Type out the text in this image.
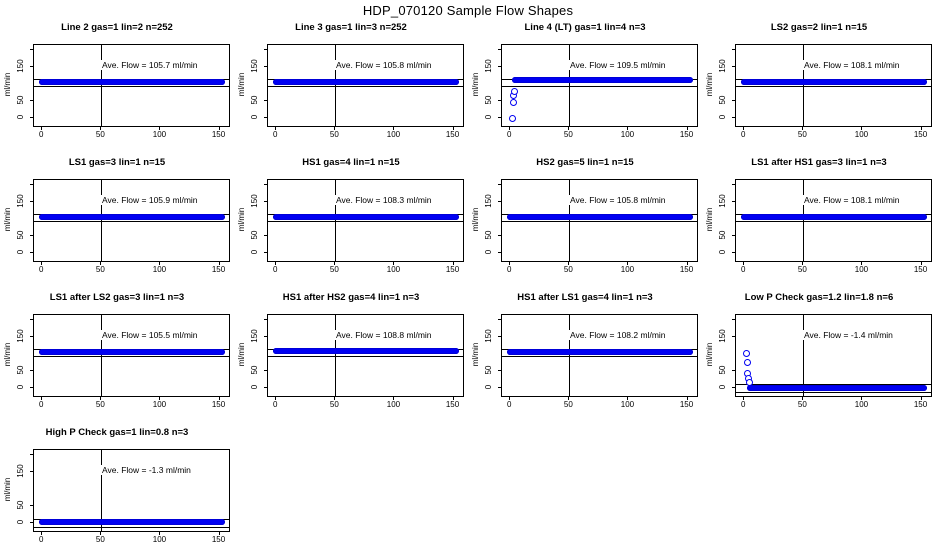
HDP_070120 Sample Flow Shapes
Line 2 gas=1 lin=2 n=252
ml/min
0
50
150
0	50	100	150
Ave. Flow = 105.7 ml/min
Line 3 gas=1 lin=3 n=252
ml/min
0
50
150
0	50	100	150
Ave. Flow = 105.8 ml/min
Line 4 (LT) gas=1 lin=4 n=3
ml/min
0
50
150
0	50	100	150
Ave. Flow = 109.5 ml/min
LS2 gas=2 lin=1 n=15
ml/min
0
50
150
0	50	100	150
Ave. Flow = 108.1 ml/min
LS1 gas=3 lin=1 n=15
ml/min
0
50
150
0	50	100	150
Ave. Flow = 105.9 ml/min
HS1 gas=4 lin=1 n=15
ml/min
0
50
150
0	50	100	150
Ave. Flow = 108.3 ml/min
HS2 gas=5 lin=1 n=15
ml/min
0
50
150
0	50	100	150
Ave. Flow = 105.8 ml/min
LS1 after HS1 gas=3 lin=1 n=3
ml/min
0
50
150
0	50	100	150
Ave. Flow = 108.1 ml/min
LS1 after LS2 gas=3 lin=1 n=3
ml/min
0
50
150
0	50	100	150
Ave. Flow = 105.5 ml/min
HS1 after HS2 gas=4 lin=1 n=3
ml/min
0
50
150
0	50	100	150
Ave. Flow = 108.8 ml/min
HS1 after LS1 gas=4 lin=1 n=3
ml/min
0
50
150
0	50	100	150
Ave. Flow = 108.2 ml/min
Low P Check gas=1.2 lin=1.8 n=6
ml/min
0
50
150
0	50	100	150
Ave. Flow = -1.4 ml/min
High P Check gas=1 lin=0.8 n=3
ml/min
0
50
150
0	50	100	150
Ave. Flow = -1.3 ml/min
